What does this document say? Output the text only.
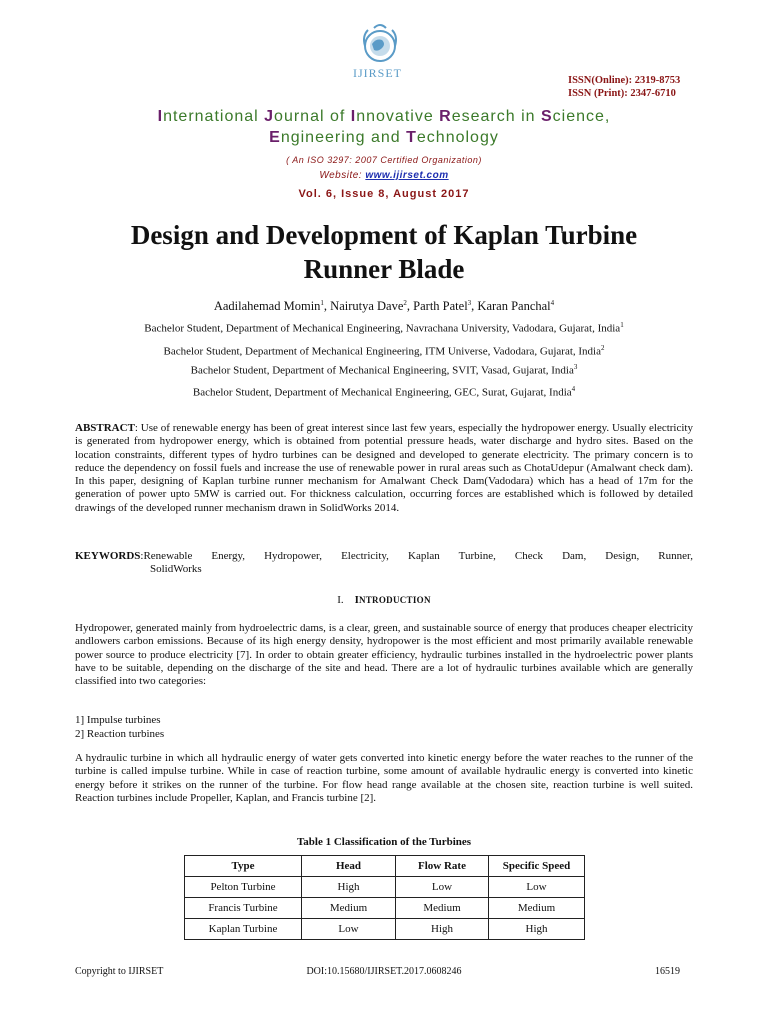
IJIRSET
ISSN(Online): 2319-8753
ISSN (Print): 2347-6710
International Journal of Innovative Research in Science,
Engineering and Technology
( An ISO 3297: 2007 Certified Organization)
Website: www.ijirset.com
Vol. 6, Issue 8, August 2017
Design and Development of Kaplan Turbine
Runner Blade
Aadilahemad Momin$^1$, Nairutya Dave$^2$, Parth Patel$^3$, Karan Panchal$^4$
Bachelor Student, Department of Mechanical Engineering, Navrachana University, Vadodara, Gujarat, India$^1$
Bachelor Student, Department of Mechanical Engineering, ITM Universe, Vadodara, Gujarat, India$^2$
Bachelor Student, Department of Mechanical Engineering, SVIT, Vasad, Gujarat, India$^3$
Bachelor Student, Department of Mechanical Engineering, GEC, Surat, Gujarat, India$^4$
ABSTRACT: Use of renewable energy has been of great interest since last few years, especially the hydropower energy. Usually electricity is generated from hydropower energy, which is obtained from potential pressure heads, water discharge and hydro sites. Based on the location constraints, different types of hydro turbines can be designed and developed to generate electricity. The primary concern is to reduce the dependency on fossil fuels and increase the use of renewable power in rural areas such as ChotaUdepur (Amalwant check dam). In this paper, designing of Kaplan turbine runner mechanism for Amalwant Check Dam(Vadodara) which has a head of 17m for the generation of power upto 5MW is carried out. For thickness calculation, occurring forces are established which is followed by detailed drawings of the developed runner mechanism drawn in SolidWorks 2014.
KEYWORDS:Renewable Energy, Hydropower, Electricity, Kaplan Turbine, Check Dam, Design, Runner,
SolidWorks
I. INTRODUCTION
Hydropower, generated mainly from hydroelectric dams, is a clear, green, and sustainable source of energy that produces cheaper electricity andlowers carbon emissions. Because of its high energy density, hydropower is the most efficient and most primarily available renewable power source to produce electricity [7]. In order to obtain greater efficiency, hydraulic turbines installed in the hydroelectric power plants have to be suitable, depending on the discharge of the site and head. There are a lot of hydraulic turbines available which are generally classified into two categories:
1] Impulse turbines
2] Reaction turbines
A hydraulic turbine in which all hydraulic energy of water gets converted into kinetic energy before the water reaches to the runner of the turbine is called impulse turbine. While in case of reaction turbine, some amount of available hydraulic energy is converted into kinetic energy before it strikes on the runner of the turbine. For flow head range available at the chosen site, reaction turbine is well suited. Reaction turbines include Propeller, Kaplan, and Francis turbine [2].
Table 1 Classification of the Turbines
Type	Head	Flow Rate	Specific Speed
Pelton Turbine	High	Low	Low
Francis Turbine	Medium	Medium	Medium
Kaplan Turbine	Low	High	High
Copyright to IJIRSET	DOI:10.15680/IJIRSET.2017.0608246	16519
